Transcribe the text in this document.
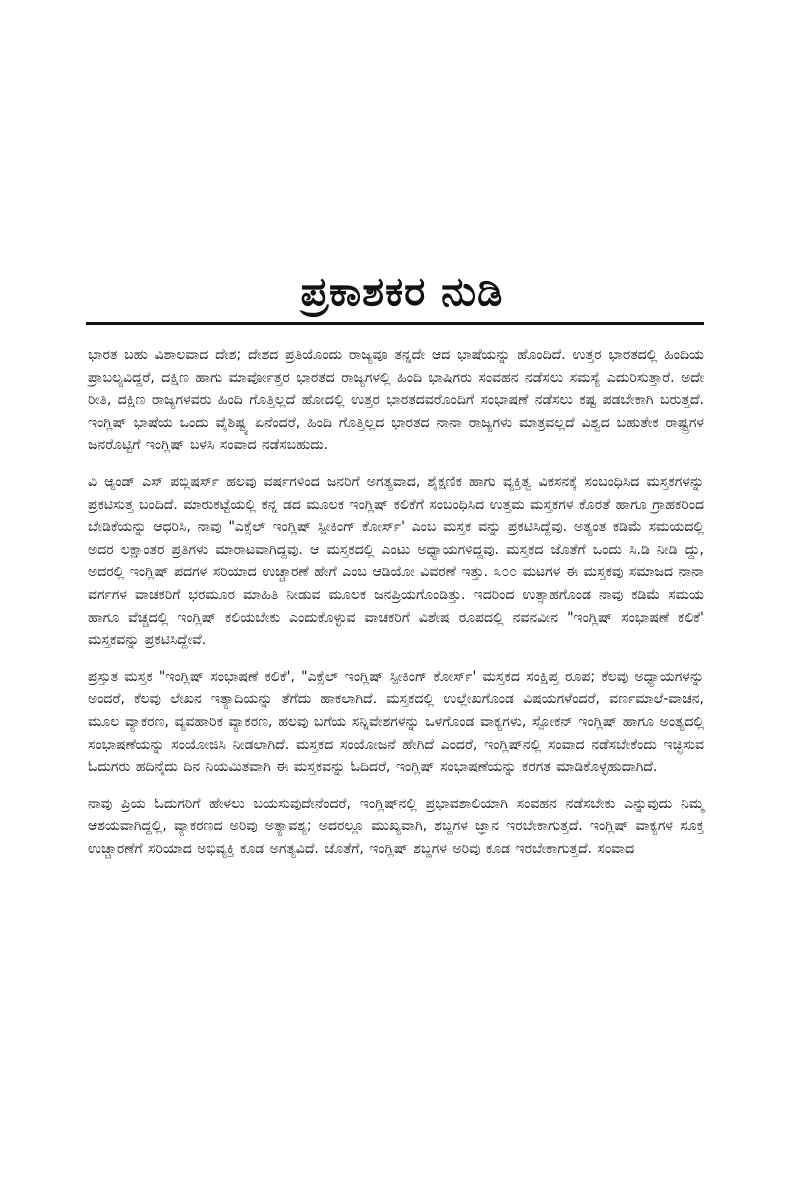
ಪ್ರಕಾಶಕರ ನುಡಿ

ಭಾರತ ಬಹು ವಿಶಾಲವಾದ ದೇಶ; ದೇಶದ ಪ್ರತಿಯೊಂದು ರಾಜ್ಯವೂ ತನ್ನದೇ ಆದ ಭಾಷೆಯನ್ನು ಹೊಂದಿದೆ. ಉತ್ತರ ಭಾರತದಲ್ಲಿ ಹಿಂದಿಯ ಪ್ರಾಬಲ್ಯವಿದ್ದರೆ, ದಕ್ಷಿಣ ಹಾಗು ಮಾರ್ವೋತ್ತರ ಭಾರತದ ರಾಜ್ಯಗಳಲ್ಲಿ ಹಿಂದಿ ಭಾಷಿಗರು ಸಂವಹನ ನಡೆಸಲು ಸಮಸ್ಯೆ ಎದುರಿಸುತ್ತಾರೆ. ಅದೇ ರೀತಿ, ದಕ್ಷಿಣ ರಾಜ್ಯಗಳವರು ಹಿಂದಿ ಗೊತ್ತಿಲ್ಲದೆ ಹೋದಲ್ಲಿ ಉತ್ತರ ಭಾರತದವರೊಂದಿಗೆ ಸಂಭಾಷಣೆ ನಡೆಸಲು ಕಷ್ಟ ಪಡಬೇಕಾಗಿ ಬರುತ್ತದೆ. ಇಂಗ್ಲಿಷ್ ಭಾಷೆಯ ಒಂದು ವೈಶಿಷ್ಟ್ಯ ಏನೆಂದರೆ, ಹಿಂದಿ ಗೊತ್ತಿಲ್ಲದ ಭಾರತದ ನಾನಾ ರಾಜ್ಯಗಳು ಮಾತ್ರವಲ್ಲದೆ ವಿಶ್ವದ ಬಹುತೇಕ ರಾಷ್ಟ್ರಗಳ ಜನರೊಟ್ಟಿಗೆ ಇಂಗ್ಲಿಷ್ ಬಳಸಿ ಸಂವಾದ ನಡೆಸಬಹುದು.

ವಿ ಆ್ಯಂಡ್ ಎಸ್ ಪಬ್ಲಿಷರ್ಸ್ ಹಲವು ವರ್ಷಗಳಿಂದ ಜನರಿಗೆ ಅಗತ್ಯವಾದ, ಶೈಕ್ಷಣಿಕ ಹಾಗು ವ್ಯಕ್ತಿತ್ವ ವಿಕಸನಕ್ಕೆ ಸಂಬಂಧಿಸಿದ ಮಸ್ತಕಗಳನ್ನು ಪ್ರಕಟಿಸುತ್ತ ಬಂದಿದೆ. ಮಾರುಕಟ್ಟೆಯಲ್ಲಿ ಕನ್ನ ಡದ ಮೂಲಕ ಇಂಗ್ಲಿಷ್ ಕಲಿಕೆಗೆ ಸಂಬಂಧಿಸಿದ ಉತ್ತಮ ಮಸ್ತಕಗಳ ಕೊರತೆ ಹಾಗೂ ಗ್ರಾಹಕರಿಂದ ಬೇಡಿಕೆಯನ್ನು ಆಧರಿಸಿ, ನಾವು "ಎಕ್ಸೆಲ್ ಇಂಗ್ಲಿಷ್ ಸ್ಪೀಕಿಂಗ್ ಕೋರ್ಸ್' ಎಂಬ ಮಸ್ತಕ ವನ್ನು ಪ್ರಕಟಿಸಿದ್ದೆವು. ಅತ್ಯಂತ ಕಡಿಮೆ ಸಮಯದಲ್ಲಿ ಅದರ ಲಕ್ಷಾಂತರ ಪ್ರತಿಗಳು ಮಾರಾಟವಾಗಿದ್ದವು. ಆ ಮಸ್ತಕದಲ್ಲಿ ಎಂಟು ಅಧ್ಯಾಯಗಳಿದ್ದವು. ಮಸ್ತಕದ ಜೊತೆಗೆ ಒಂದು ಸಿ.ಡಿ ನೀಡಿ ದ್ದು, ಅದರಲ್ಲಿ ಇಂಗ್ಲಿಷ್ ಪದಗಳ ಸರಿಯಾದ ಉಚ್ಚಾರಣೆ ಹೇಗೆ ಎಂಬ ಆಡಿಯೋ ವಿವರಣೆ ಇತ್ತು. ೩೦೦ ಮಟಗಳ ಈ ಮಸ್ತಕವು ಸಮಾಜದ ನಾನಾ ವರ್ಗಗಳ ವಾಚಕರಿಗೆ ಭರಮೂರ ಮಾಹಿತಿ ನೀಡುವ ಮೂಲಕ ಜನಪ್ರಿಯಗೊಂಡಿತ್ತು. ಇದರಿಂದ ಉತ್ಸಾಹಗೊಂಡ ನಾವು ಕಡಿಮೆ ಸಮಯ ಹಾಗೂ ವೆಚ್ಚದಲ್ಲಿ ಇಂಗ್ಲಿಷ್ ಕಲಿಯಬೇಕು ಎಂದುಕೊಳ್ಳುವ ವಾಚಕರಿಗೆ ವಿಶೇಷ ರೂಪದಲ್ಲಿ ನವನವೀನ "ಇಂಗ್ಲಿಷ್ ಸಂಭಾಷಣೆ ಕಲಿಕೆ' ಮಸ್ತಕವನ್ನು ಪ್ರಕಟಿಸಿದ್ದೇವೆ.

ಪ್ರಸ್ತುತ ಮಸ್ತಕ "ಇಂಗ್ಲಿಷ್ ಸಂಭಾಷಣೆ ಕಲಿಕೆ', "ಎಕ್ಸೆಲ್ ಇಂಗ್ಲಿಷ್ ಸ್ಪೀಕಿಂಗ್ ಕೋರ್ಸ್' ಮಸ್ತಕದ ಸಂಕ್ಷಿಪ್ತ ರೂಪ; ಕೆಲವು ಅಧ್ಯಾಯಗಳನ್ನು ಅಂದರೆ, ಕೆಲವು ಲೇಖನ ಇತ್ಯಾದಿಯನ್ನು ತೆಗೆದು ಹಾಕಲಾಗಿದೆ. ಮಸ್ತಕದಲ್ಲಿ ಉಲ್ಲೇಖಗೊಂಡ ವಿಷಯಗಳೆಂದರೆ, ವರ್ಣಮಾಲೆ-ವಾಚನ, ಮೂಲ ವ್ಯಾಕರಣ, ವ್ಯವಹಾರಿಕ ವ್ಯಾಕರಣ, ಹಲವು ಬಗೆಯ ಸನ್ನಿವೇಶಗಳನ್ನು ಒಳಗೊಂಡ ವಾಕ್ಯಗಳು, ಸ್ಪೋಕನ್ ಇಂಗ್ಲಿಷ್ ಹಾಗೂ ಅಂತ್ಯದಲ್ಲಿ ಸಂಭಾಷಣೆಯನ್ನು ಸಂಯೋಜಿಸಿ ನೀಡಲಾಗಿದೆ. ಮಸ್ತಕದ ಸಂಯೋಜನೆ ಹೇಗಿದೆ ಎಂದರೆ, ಇಂಗ್ಲಿಷ್‌ನಲ್ಲಿ ಸಂವಾದ ನಡೆಸಬೇಕೆಂದು ಇಚ್ಛಿಸುವ ಓದುಗರು ಹದಿನೈದು ದಿನ ನಿಯಮಿತವಾಗಿ ಈ ಮಸ್ತಕವನ್ನು ಓದಿದರೆ, ಇಂಗ್ಲಿಷ್ ಸಂಭಾಷಣೆಯನ್ನು ಕರಗತ ಮಾಡಿಕೊಳ್ಳಹುದಾಗಿದೆ.

ನಾವು ಪ್ರಿಯ ಓದುಗರಿಗೆ ಹೇಳಲು ಬಯಸುವುದೇನೆಂದರೆ, ಇಂಗ್ಲಿಷ್‌ನಲ್ಲಿ ಪ್ರಭಾವಶಾಲಿಯಾಗಿ ಸಂವಹನ ನಡೆಸಬೇಕು ಎನ್ನುವುದು ನಿಮ್ಮ ಆಶಯವಾಗಿದ್ದಲ್ಲಿ, ವ್ಯಾಕರಣದ ಅರಿವು ಅತ್ಯಾವಶ್ಯ; ಅದರಲ್ಲೂ ಮುಖ್ಯವಾಗಿ, ಶಬ್ದಗಳ ಜ್ಞಾನ ಇರಬೇಕಾಗುತ್ತದೆ. ಇಂಗ್ಲಿಷ್ ವಾಕ್ಯಗಳ ಸೂಕ್ತ ಉಚ್ಚಾರಣೆಗೆ ಸರಿಯಾದ ಅಭಿವ್ಯಕ್ತಿ ಕೂಡ ಅಗತ್ಯವಿದೆ. ಜೊತೆಗೆ, ಇಂಗ್ಲಿಷ್ ಶಬ್ದಗಳ ಅರಿವು ಕೂಡ ಇರಬೇಕಾಗುತ್ತದೆ. ಸಂವಾದ
